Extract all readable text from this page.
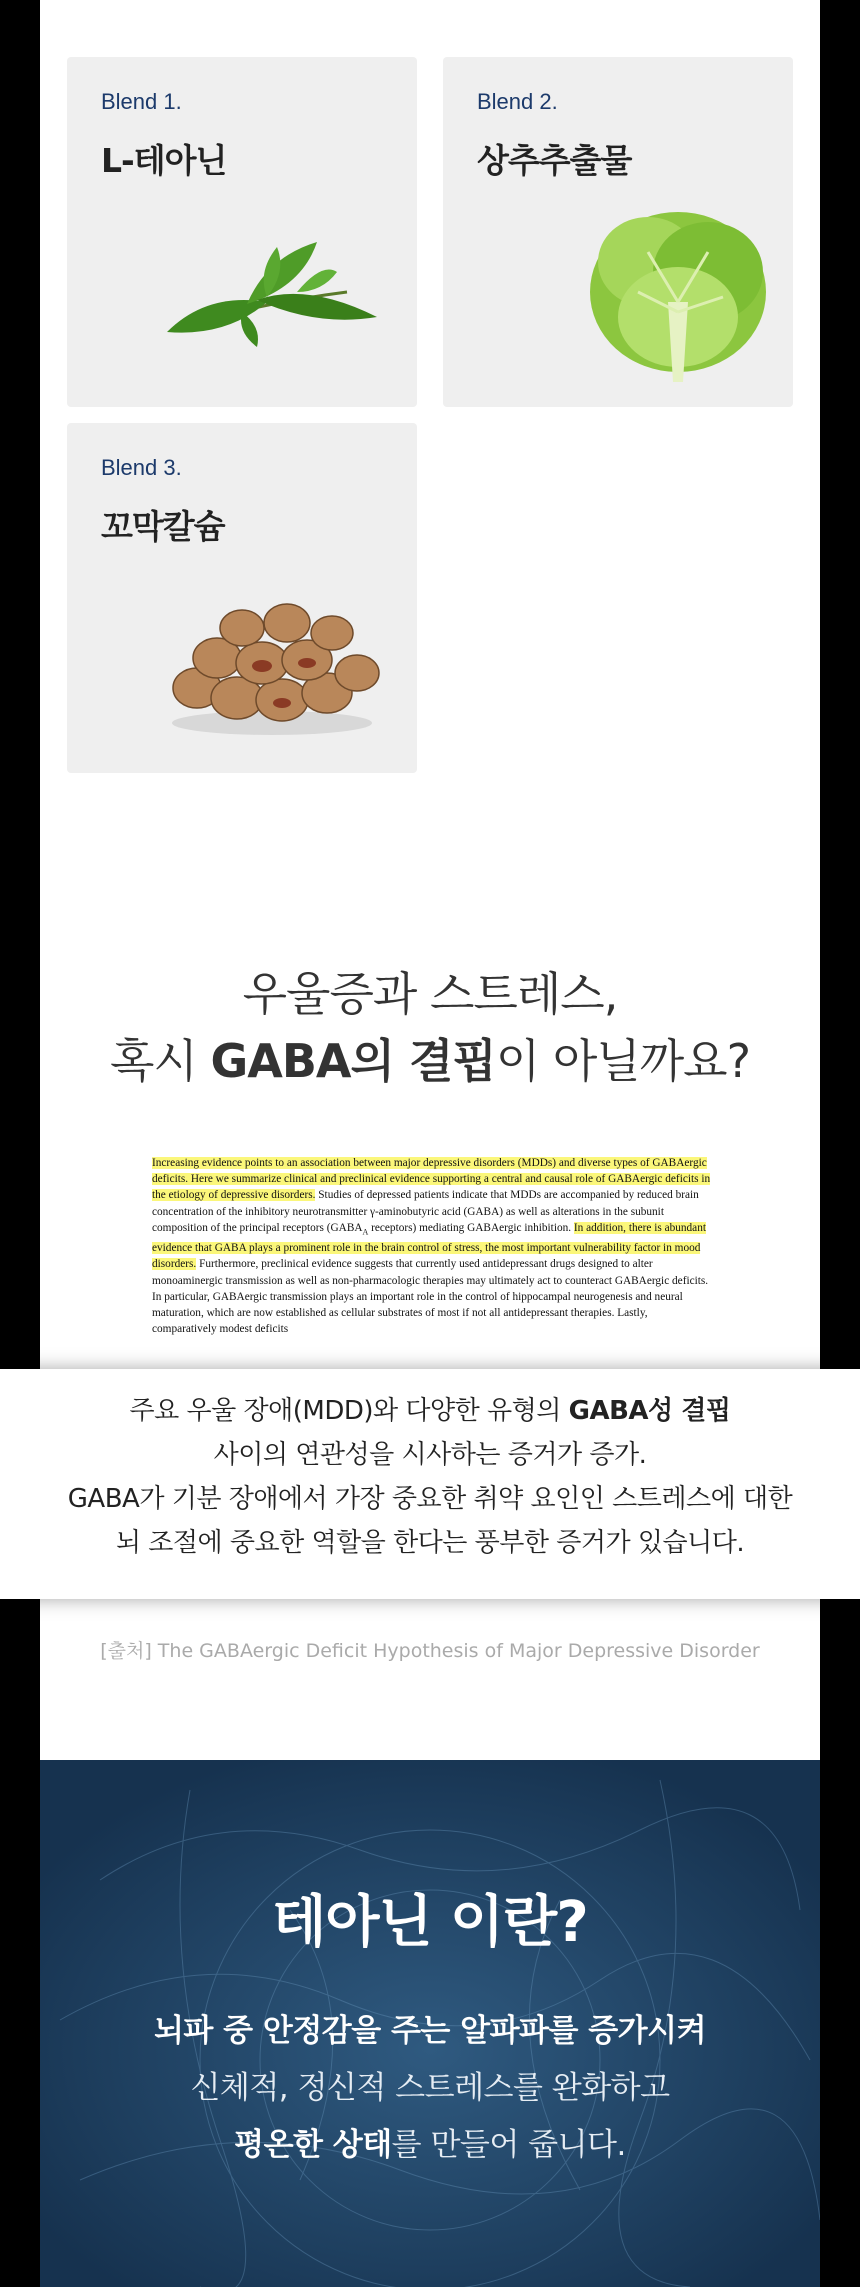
Blend 1.
L-테아닌
Blend 2.
상추추출물
Blend 3.
꼬막칼슘
우울증과 스트레스,
혹시 GABA의 결핍이 아닐까요?
Increasing evidence points to an association between major depressive disorders (MDDs) and diverse types of GABAergic deficits. Here we summarize clinical and preclinical evidence supporting a central and causal role of GABAergic deficits in the etiology of depressive disorders. Studies of depressed patients indicate that MDDs are accompanied by reduced brain concentration of the inhibitory neurotransmitter γ-aminobutyric acid (GABA) as well as alterations in the subunit composition of the principal receptors ($GABA_A$ receptors) mediating GABAergic inhibition. In addition, there is abundant evidence that GABA plays a prominent role in the brain control of stress, the most important vulnerability factor in mood disorders. Furthermore, preclinical evidence suggests that currently used antidepressant drugs designed to alter monoaminergic transmission as well as non-pharmacologic therapies may ultimately act to counteract GABAergic deficits. In particular, GABAergic transmission plays an important role in the control of hippocampal neurogenesis and neural maturation, which are now established as cellular substrates of most if not all antidepressant therapies. Lastly, comparatively modest deficits
[출처] The GABAergic Deficit Hypothesis of Major Depressive Disorder
테아닌 이란?
뇌파 중 안정감을 주는 알파파를 증가시켜
신체적, 정신적 스트레스를 완화하고
평온한 상태를 만들어 줍니다.

주요 우울 장애(MDD)와 다양한 유형의 GABA성 결핍

사이의 연관성을 시사하는 증거가 증가.

GABA가 기분 장애에서 가장 중요한 취약 요인인 스트레스에 대한

뇌 조절에 중요한 역할을 한다는 풍부한 증거가 있습니다.
